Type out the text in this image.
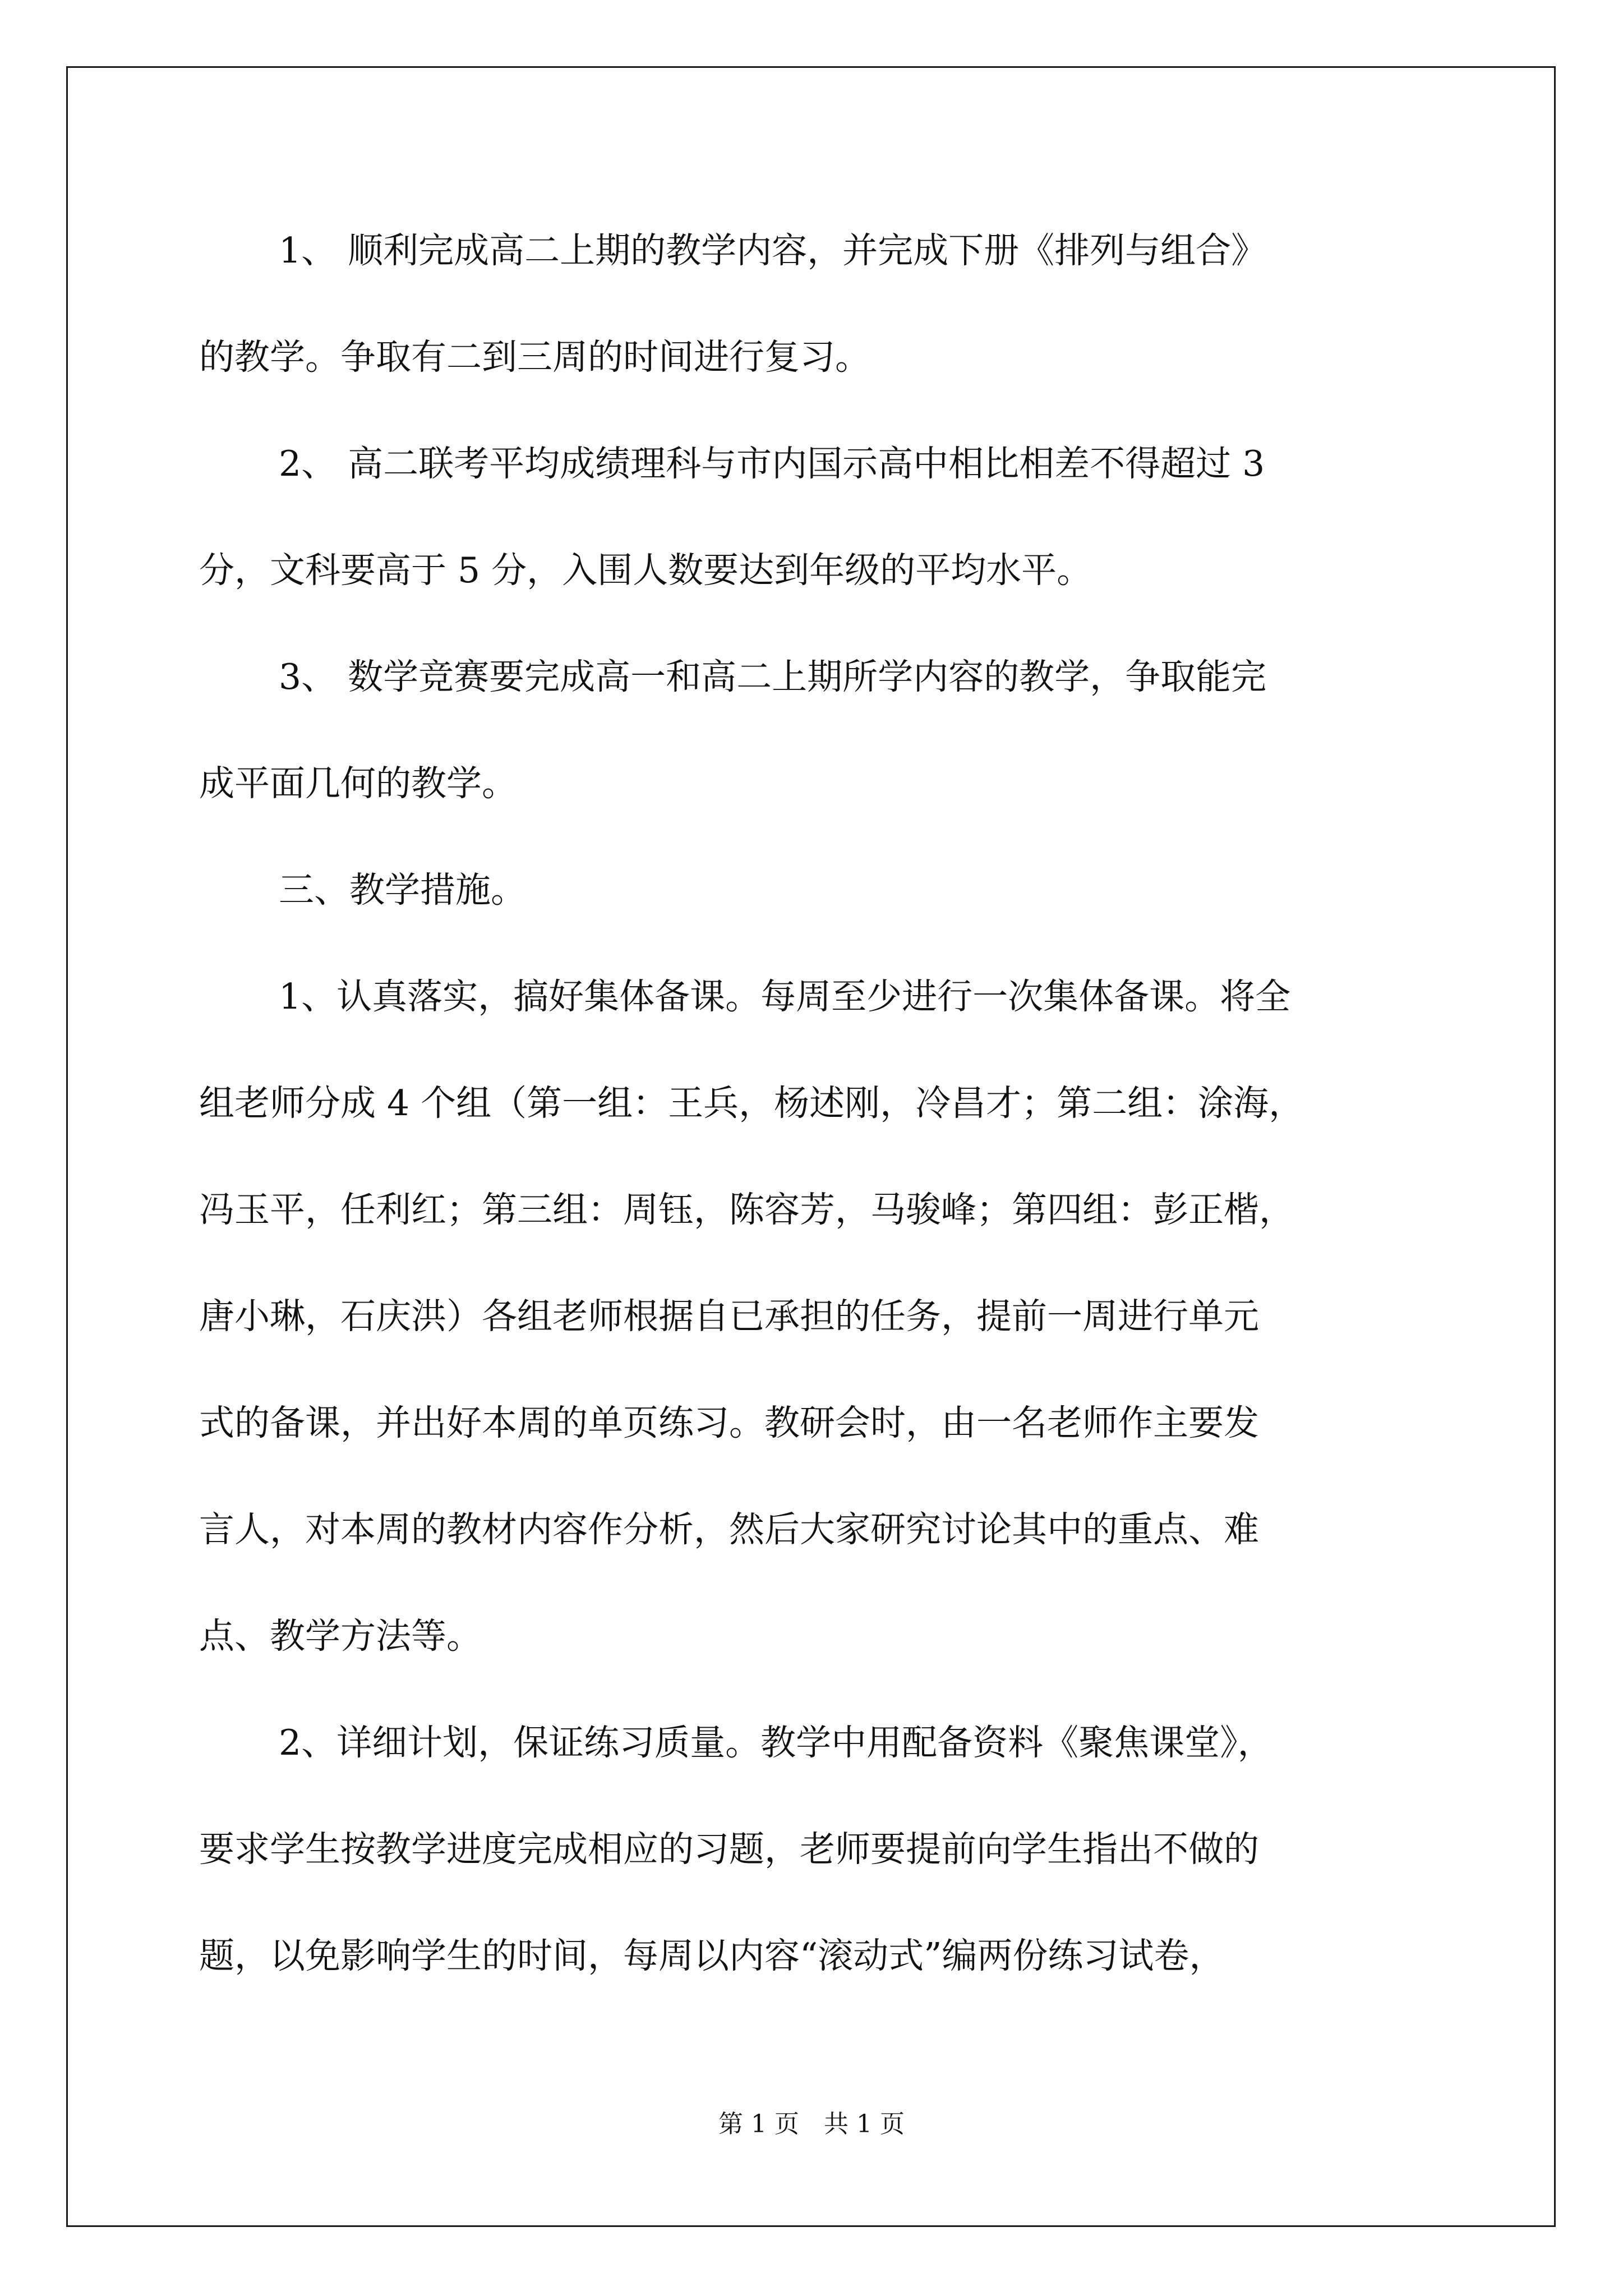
1、 顺利完成高二上期的教学内容，并完成下册《排列与组合》
的教学。争取有二到三周的时间进行复习。
2、 高二联考平均成绩理科与市内国示高中相比相差不得超过 3
分，文科要高于 5 分，入围人数要达到年级的平均水平。
3、 数学竞赛要完成高一和高二上期所学内容的教学，争取能完
成平面几何的教学。
三、教学措施。
1、认真落实，搞好集体备课。每周至少进行一次集体备课。将全
组老师分成 4 个组（第一组：王兵，杨述刚，冷昌才；第二组：涂海，
冯玉平，任利红；第三组：周钰，陈容芳，马骏峰；第四组：彭正楷，
唐小琳，石庆洪）各组老师根据自已承担的任务，提前一周进行单元
式的备课，并出好本周的单页练习。教研会时，由一名老师作主要发
言人，对本周的教材内容作分析，然后大家研究讨论其中的重点、难
点、教学方法等。
2、详细计划，保证练习质量。教学中用配备资料《聚焦课堂》，
要求学生按教学进度完成相应的习题，老师要提前向学生指出不做的
题，以免影响学生的时间，每周以内容“滚动式”编两份练习试卷，
第 1 页　共 1 页
